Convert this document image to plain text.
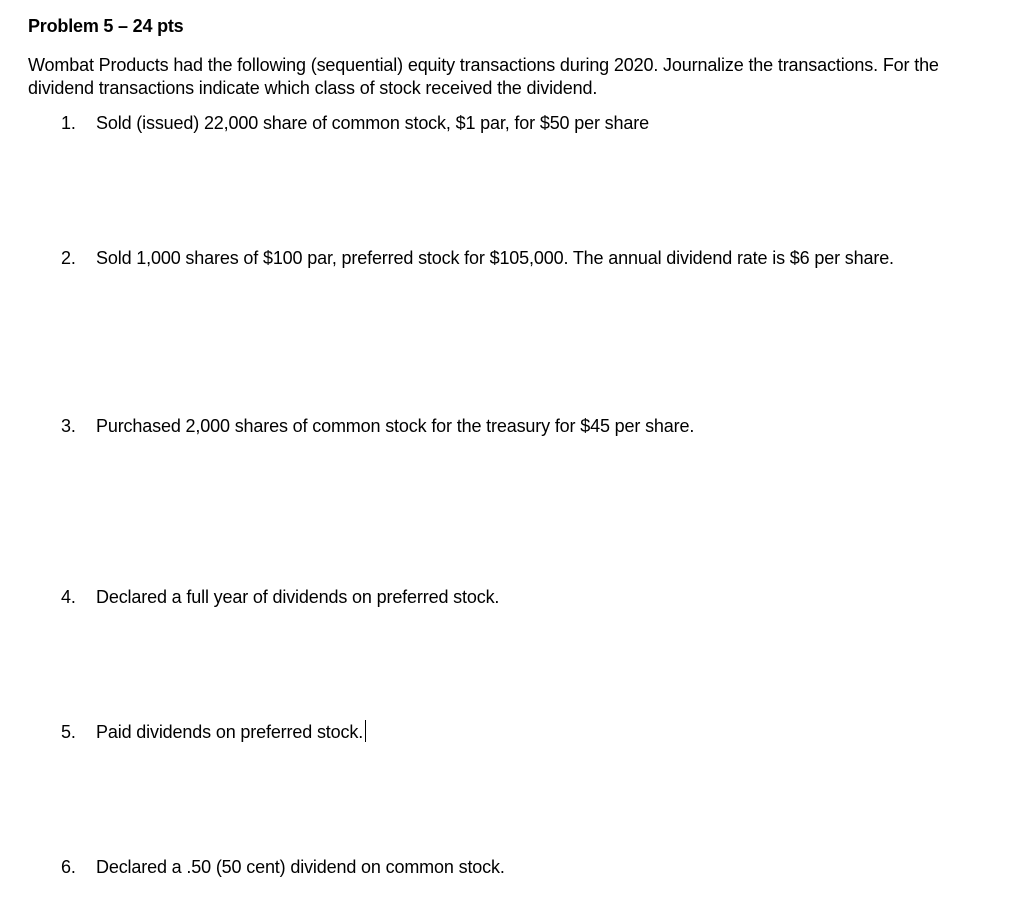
Problem 5 – 24 pts
Wombat Products had the following (sequential) equity transactions during 2020. Journalize the transactions. For the dividend transactions indicate which class of stock received the dividend.
1.	Sold (issued) 22,000 share of common stock, $1 par, for $50 per share
2.	Sold 1,000 shares of $100 par, preferred stock for $105,000. The annual dividend rate is $6 per share.
3.	Purchased 2,000 shares of common stock for the treasury for $45 per share.
4.	Declared a full year of dividends on preferred stock.
5.	Paid dividends on preferred stock.
6.	Declared a .50 (50 cent) dividend on common stock.
